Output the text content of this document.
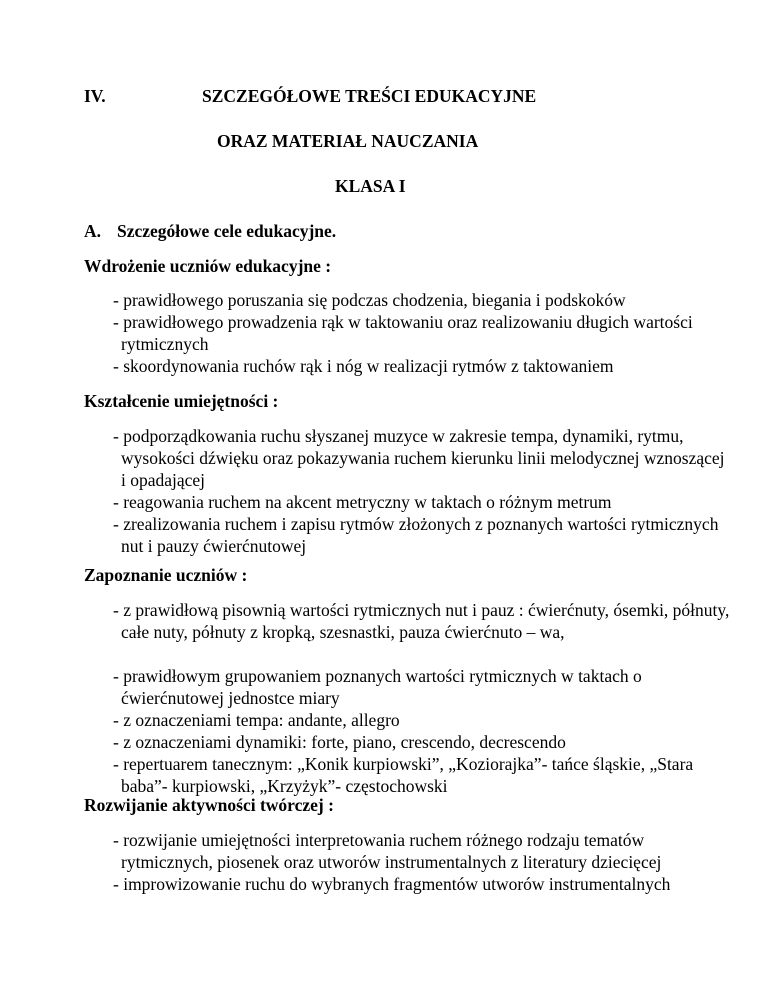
IV.	SZCZEGÓŁOWE TREŚCI EDUKACYJNE

ORAZ MATERIAŁ NAUCZANIA

KLASA I

A. Szczegółowe cele edukacyjne.

Wdrożenie uczniów edukacyjne :

- prawidłowego poruszania się podczas chodzenia, biegania i podskoków
- prawidłowego prowadzenia rąk w taktowaniu oraz realizowaniu długich wartości rytmicznych
- skoordynowania ruchów rąk i nóg w realizacji rytmów z taktowaniem

Kształcenie umiejętności :

- podporządkowania ruchu słyszanej muzyce w zakresie tempa, dynamiki, rytmu, wysokości dźwięku oraz pokazywania ruchem kierunku linii melodycznej wznoszącej i opadającej
- reagowania ruchem na akcent metryczny w taktach o różnym metrum
- zrealizowania ruchem i zapisu rytmów złożonych z poznanych wartości rytmicznych nut i pauzy ćwierćnutowej

Zapoznanie uczniów :

- z prawidłową pisownią wartości rytmicznych nut i pauz : ćwierćnuty, ósemki, półnuty, całe nuty, półnuty z kropką, szesnastki, pauza ćwierćnuto – wa,
- prawidłowym grupowaniem poznanych wartości rytmicznych w taktach o ćwierćnutowej jednostce miary
- z oznaczeniami tempa: andante, allegro
- z oznaczeniami dynamiki: forte, piano, crescendo, decrescendo
- repertuarem tanecznym: „Konik kurpiowski”, „Koziorajka”- tańce śląskie, „Stara baba”- kurpiowski, „Krzyżyk”- częstochowski

Rozwijanie aktywności twórczej :

- rozwijanie umiejętności interpretowania ruchem różnego rodzaju tematów rytmicznych, piosenek oraz utworów instrumentalnych z literatury dziecięcej
- improwizowanie ruchu do wybranych fragmentów utworów instrumentalnych
